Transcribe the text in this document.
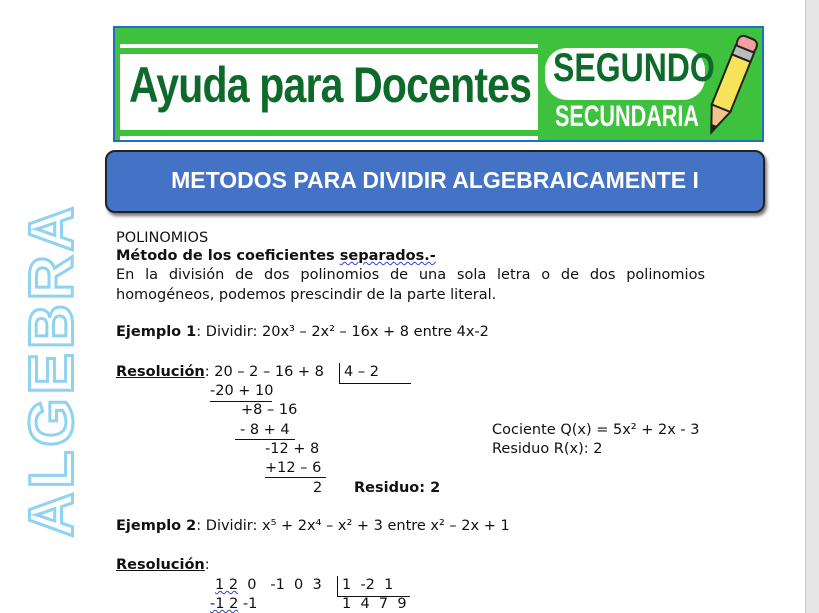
ALGEBRA
Ayuda para Docentes SEGUNDO
SECUNDARIA
METODOS PARA DIVIDIR ALGEBRAICAMENTE I
POLINOMIOS
Método de los coeficientes separados.-
En la división de dos polinomios de una sola letra o de dos polinomios
homogéneos, podemos prescindir de la parte literal.
Ejemplo 1: Dividir: 20x³ – 2x² – 16x + 8 entre 4x-2
Resolución: 20 – 2 – 16 + 8 4 – 2
-20 + 10
+8 – 16
- 8 + 4
-12 + 8
+12 – 6
2 Residuo: 2
Cociente Q(x) = 5x² + 2x - 3
Residuo R(x): 2
Ejemplo 2: Dividir: x⁵ + 2x⁴ – x² + 3 entre x² – 2x + 1
Resolución:
1 2  0   -1  0  3 1  -2  1
-1 2 -1	1  4  7  9
